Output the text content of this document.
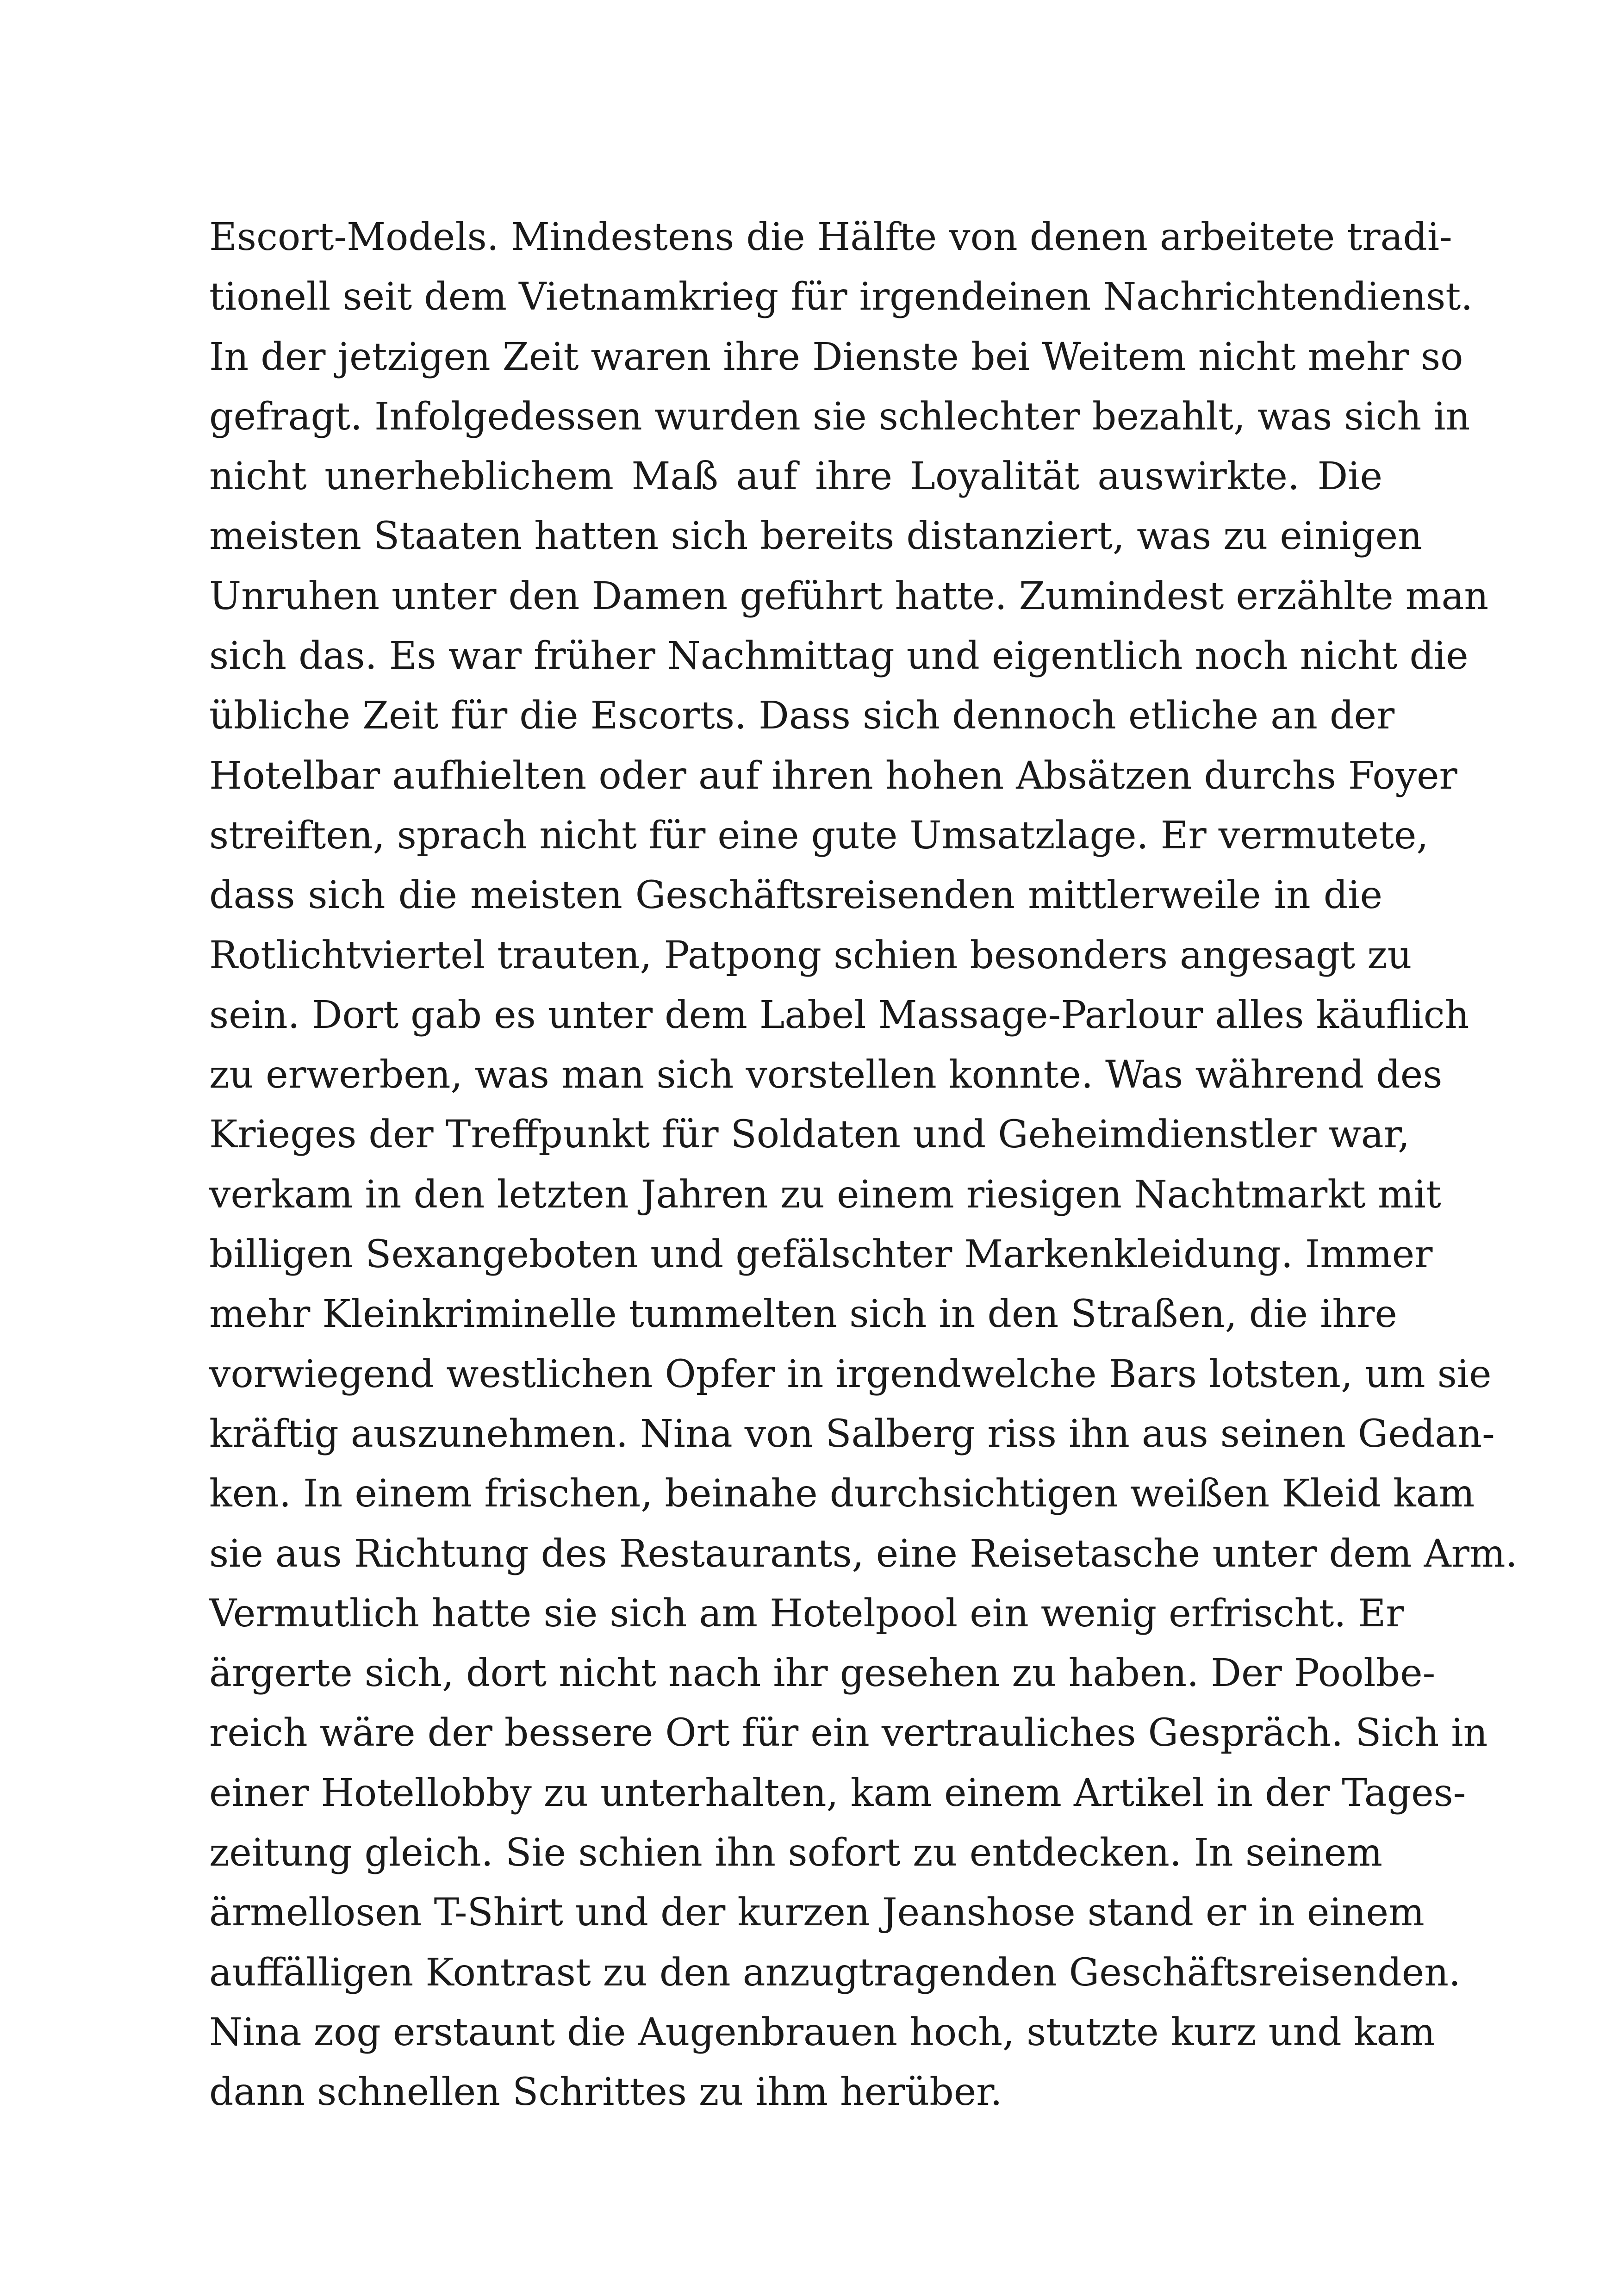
Escort-Models. Mindestens die Hälfte von denen arbeitete tradi-
tionell seit dem Vietnamkrieg für irgendeinen Nachrichtendienst.
In der jetzigen Zeit waren ihre Dienste bei Weitem nicht mehr so
gefragt. Infolgedessen wurden sie schlechter bezahlt, was sich in
nicht unerheblichem Maß auf ihre Loyalität auswirkte. Die
meisten Staaten hatten sich bereits distanziert, was zu einigen
Unruhen unter den Damen geführt hatte. Zumindest erzählte man
sich das. Es war früher Nachmittag und eigentlich noch nicht die
übliche Zeit für die Escorts. Dass sich dennoch etliche an der
Hotelbar aufhielten oder auf ihren hohen Absätzen durchs Foyer
streiften, sprach nicht für eine gute Umsatzlage. Er vermutete,
dass sich die meisten Geschäftsreisenden mittlerweile in die
Rotlichtviertel trauten, Patpong schien besonders angesagt zu
sein. Dort gab es unter dem Label Massage-Parlour alles käuflich
zu erwerben, was man sich vorstellen konnte. Was während des
Krieges der Treffpunkt für Soldaten und Geheimdienstler war,
verkam in den letzten Jahren zu einem riesigen Nachtmarkt mit
billigen Sexangeboten und gefälschter Markenkleidung. Immer
mehr Kleinkriminelle tummelten sich in den Straßen, die ihre
vorwiegend westlichen Opfer in irgendwelche Bars lotsten, um sie
kräftig auszunehmen. Nina von Salberg riss ihn aus seinen Gedan-
ken. In einem frischen, beinahe durchsichtigen weißen Kleid kam
sie aus Richtung des Restaurants, eine Reisetasche unter dem Arm.
Vermutlich hatte sie sich am Hotelpool ein wenig erfrischt. Er
ärgerte sich, dort nicht nach ihr gesehen zu haben. Der Poolbe-
reich wäre der bessere Ort für ein vertrauliches Gespräch. Sich in
einer Hotellobby zu unterhalten, kam einem Artikel in der Tages-
zeitung gleich. Sie schien ihn sofort zu entdecken. In seinem
ärmellosen T-Shirt und der kurzen Jeanshose stand er in einem
auffälligen Kontrast zu den anzugtragenden Geschäftsreisenden.
Nina zog erstaunt die Augenbrauen hoch, stutzte kurz und kam
dann schnellen Schrittes zu ihm herüber.
